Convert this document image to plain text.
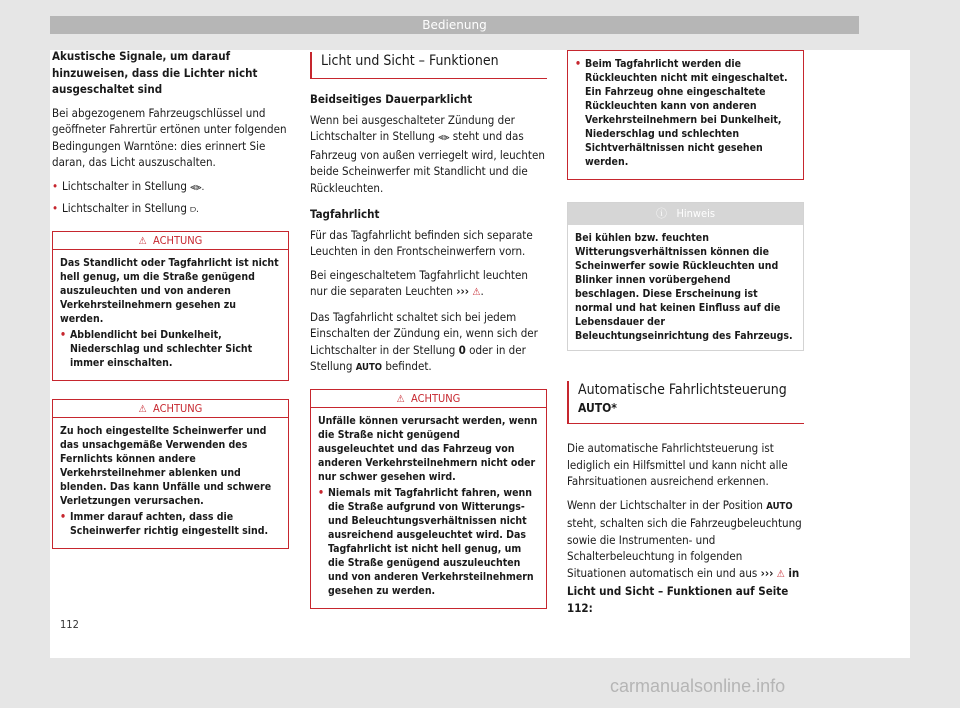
Bedienung

Akustische Signale, um darauf hinzuweisen, dass die Lichter nicht ausgeschaltet sind

Bei abgezogenem Fahrzeugschlüssel und geöffneter Fahrertür ertönen unter folgenden Bedingungen Warntöne: dies erinnert Sie daran, das Licht auszuschalten.

• Lichtschalter in Stellung ⫷⫸.
• Lichtschalter in Stellung ⫐.
⚠ ACHTUNG

Das Standlicht oder Tagfahrlicht ist nicht hell genug, um die Straße genügend auszuleuchten und von anderen Verkehrsteilnehmern gesehen zu werden.

• Abblendlicht bei Dunkelheit, Niederschlag und schlechter Sicht immer einschalten.
⚠ ACHTUNG

Zu hoch eingestellte Scheinwerfer und das unsachgemäße Verwenden des Fernlichts können andere Verkehrsteilnehmer ablenken und blenden. Das kann Unfälle und schwere Verletzungen verursachen.

• Immer darauf achten, dass die Scheinwerfer richtig eingestellt sind.
Licht und Sicht – Funktionen

Beidseitiges Dauerparklicht

Wenn bei ausgeschalteter Zündung der Lichtschalter in Stellung ⫷⫸ steht und das Fahrzeug von außen verriegelt wird, leuchten beide Scheinwerfer mit Standlicht und die Rückleuchten.

Tagfahrlicht

Für das Tagfahrlicht befinden sich separate Leuchten in den Frontscheinwerfern vorn.

Bei eingeschaltetem Tagfahrlicht leuchten nur die separaten Leuchten ››› ⚠.

Das Tagfahrlicht schaltet sich bei jedem Einschalten der Zündung ein, wenn sich der Lichtschalter in der Stellung 0 oder in der Stellung AUTO befindet.

⚠ ACHTUNG

Unfälle können verursacht werden, wenn die Straße nicht genügend ausgeleuchtet und das Fahrzeug von anderen Verkehrsteilnehmern nicht oder nur schwer gesehen wird.

• Niemals mit Tagfahrlicht fahren, wenn die Straße aufgrund von Witterungs- und Beleuchtungsverhältnissen nicht ausreichend ausgeleuchtet wird. Das Tagfahrlicht ist nicht hell genug, um die Straße genügend auszuleuchten und von anderen Verkehrsteilnehmern gesehen zu werden.
• Beim Tagfahrlicht werden die Rückleuchten nicht mit eingeschaltet. Ein Fahrzeug ohne eingeschaltete Rückleuchten kann von anderen Verkehrsteilnehmern bei Dunkelheit, Niederschlag und schlechten Sichtverhältnissen nicht gesehen werden.
ⓘ Hinweis
Bei kühlen bzw. feuchten Witterungsverhältnissen können die Scheinwerfer sowie Rückleuchten und Blinker innen vorübergehend beschlagen. Diese Erscheinung ist normal und hat keinen Einfluss auf die Lebensdauer der Beleuchtungseinrichtung des Fahrzeugs.
Automatische Fahrlichtsteuerung
AUTO*

Die automatische Fahrlichtsteuerung ist lediglich ein Hilfsmittel und kann nicht alle Fahrsituationen ausreichend erkennen.

Wenn der Lichtschalter in der Position AUTO steht, schalten sich die Fahrzeugbeleuchtung sowie die Instrumenten- und Schalterbeleuchtung in folgenden Situationen automatisch ein und aus ››› ⚠ in Licht und Sicht – Funktionen auf Seite 112:

112
carmanualsonline.info
